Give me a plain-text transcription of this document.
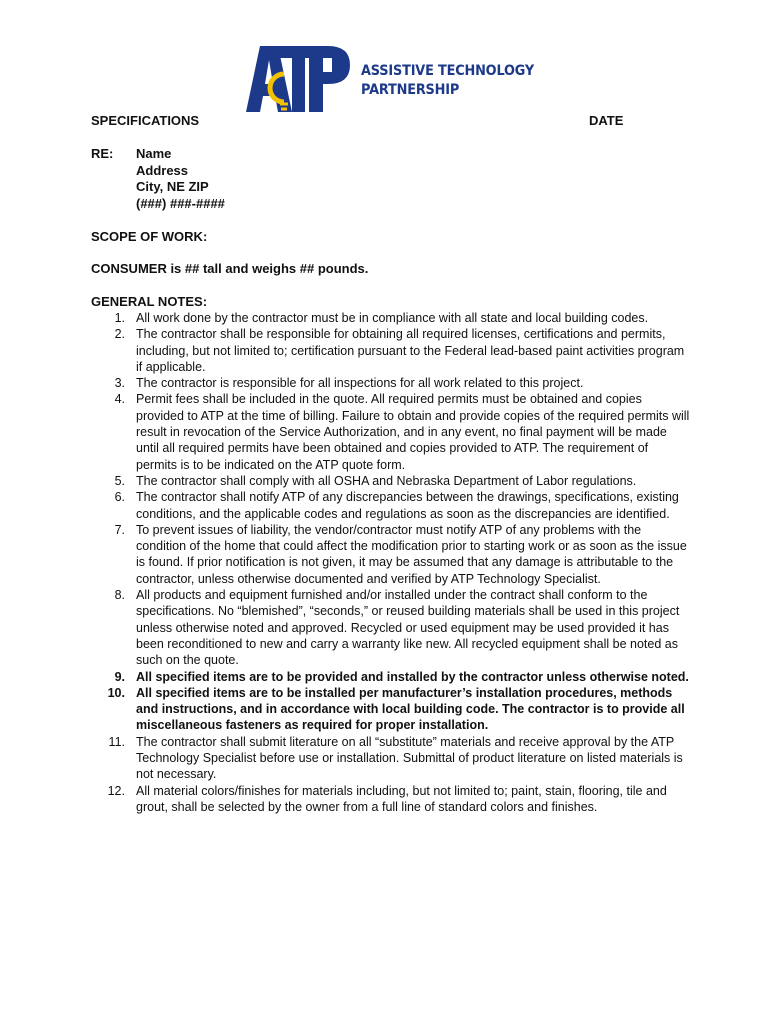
ASSISTIVE TECHNOLOGY
PARTNERSHIP
SPECIFICATIONS	DATE
RE: Name
Address
City, NE ZIP
(###) ###-####
SCOPE OF WORK:
CONSUMER is ## tall and weighs ## pounds.
GENERAL NOTES:
1. All work done by the contractor must be in compliance with all state and local building codes.
2. The contractor shall be responsible for obtaining all required licenses, certifications and permits, including, but not limited to; certification pursuant to the Federal lead-based paint activities program if applicable.
3. The contractor is responsible for all inspections for all work related to this project.
4. Permit fees shall be included in the quote. All required permits must be obtained and copies provided to ATP at the time of billing. Failure to obtain and provide copies of the required permits will result in revocation of the Service Authorization, and in any event, no final payment will be made until all required permits have been obtained and copies provided to ATP. The requirement of permits is to be indicated on the ATP quote form.
5. The contractor shall comply with all OSHA and Nebraska Department of Labor regulations.
6. The contractor shall notify ATP of any discrepancies between the drawings, specifications, existing conditions, and the applicable codes and regulations as soon as the discrepancies are identified.
7. To prevent issues of liability, the vendor/contractor must notify ATP of any problems with the condition of the home that could affect the modification prior to starting work or as soon as the issue is found. If prior notification is not given, it may be assumed that any damage is attributable to the contractor, unless otherwise documented and verified by ATP Technology Specialist.
8. All products and equipment furnished and/or installed under the contract shall conform to the specifications. No “blemished”, “seconds,” or reused building materials shall be used in this project unless otherwise noted and approved. Recycled or used equipment may be used provided it has been reconditioned to new and carry a warranty like new. All recycled equipment shall be noted as such on the quote.
9. All specified items are to be provided and installed by the contractor unless otherwise noted.
10. All specified items are to be installed per manufacturer’s installation procedures, methods and instructions, and in accordance with local building code. The contractor is to provide all miscellaneous fasteners as required for proper installation.
11. The contractor shall submit literature on all “substitute” materials and receive approval by the ATP Technology Specialist before use or installation. Submittal of product literature on listed materials is not necessary.
12. All material colors/finishes for materials including, but not limited to; paint, stain, flooring, tile and grout, shall be selected by the owner from a full line of standard colors and finishes.
